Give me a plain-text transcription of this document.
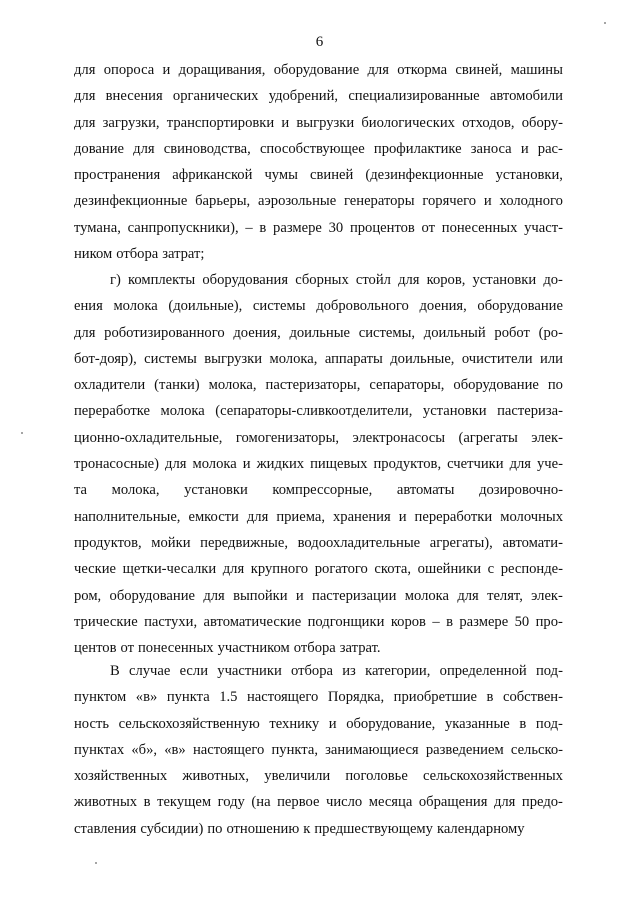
6
для опороса и доращивания, оборудование для откорма свиней, машины
для внесения органических удобрений, специализированные автомобили
для загрузки, транспортировки и выгрузки биологических отходов, обору-
дование для свиноводства, способствующее профилактике заноса и рас-
пространения африканской чумы свиней (дезинфекционные установки,
дезинфекционные барьеры, аэрозольные генераторы горячего и холодного
тумана, санпропускники), – в размере 30 процентов от понесенных участ-
ником отбора затрат;
г) комплекты оборудования сборных стойл для коров, установки до-
ения молока (доильные), системы добровольного доения, оборудование
для роботизированного доения, доильные системы, доильный робот (ро-
бот-дояр), системы выгрузки молока, аппараты доильные, очистители или
охладители (танки) молока, пастеризаторы, сепараторы, оборудование по
переработке молока (сепараторы-сливкоотделители, установки пастериза-
ционно-охладительные, гомогенизаторы, электронасосы (агрегаты элек-
тронасосные) для молока и жидких пищевых продуктов, счетчики для уче-
та молока, установки компрессорные, автоматы дозировочно-
наполнительные, емкости для приема, хранения и переработки молочных
продуктов, мойки передвижные, водоохладительные агрегаты), автомати-
ческие щетки-чесалки для крупного рогатого скота, ошейники с респонде-
ром, оборудование для выпойки и пастеризации молока для телят, элек-
трические пастухи, автоматические подгонщики коров – в размере 50 про-
центов от понесенных участником отбора затрат.
В случае если участники отбора из категории, определенной под-
пунктом «в» пункта 1.5 настоящего Порядка, приобретшие в собствен-
ность сельскохозяйственную технику и оборудование, указанные в под-
пунктах «б», «в» настоящего пункта, занимающиеся разведением сельско-
хозяйственных животных, увеличили поголовье сельскохозяйственных
животных в текущем году (на первое число месяца обращения для предо-
ставления субсидии) по отношению к предшествующему календарному
